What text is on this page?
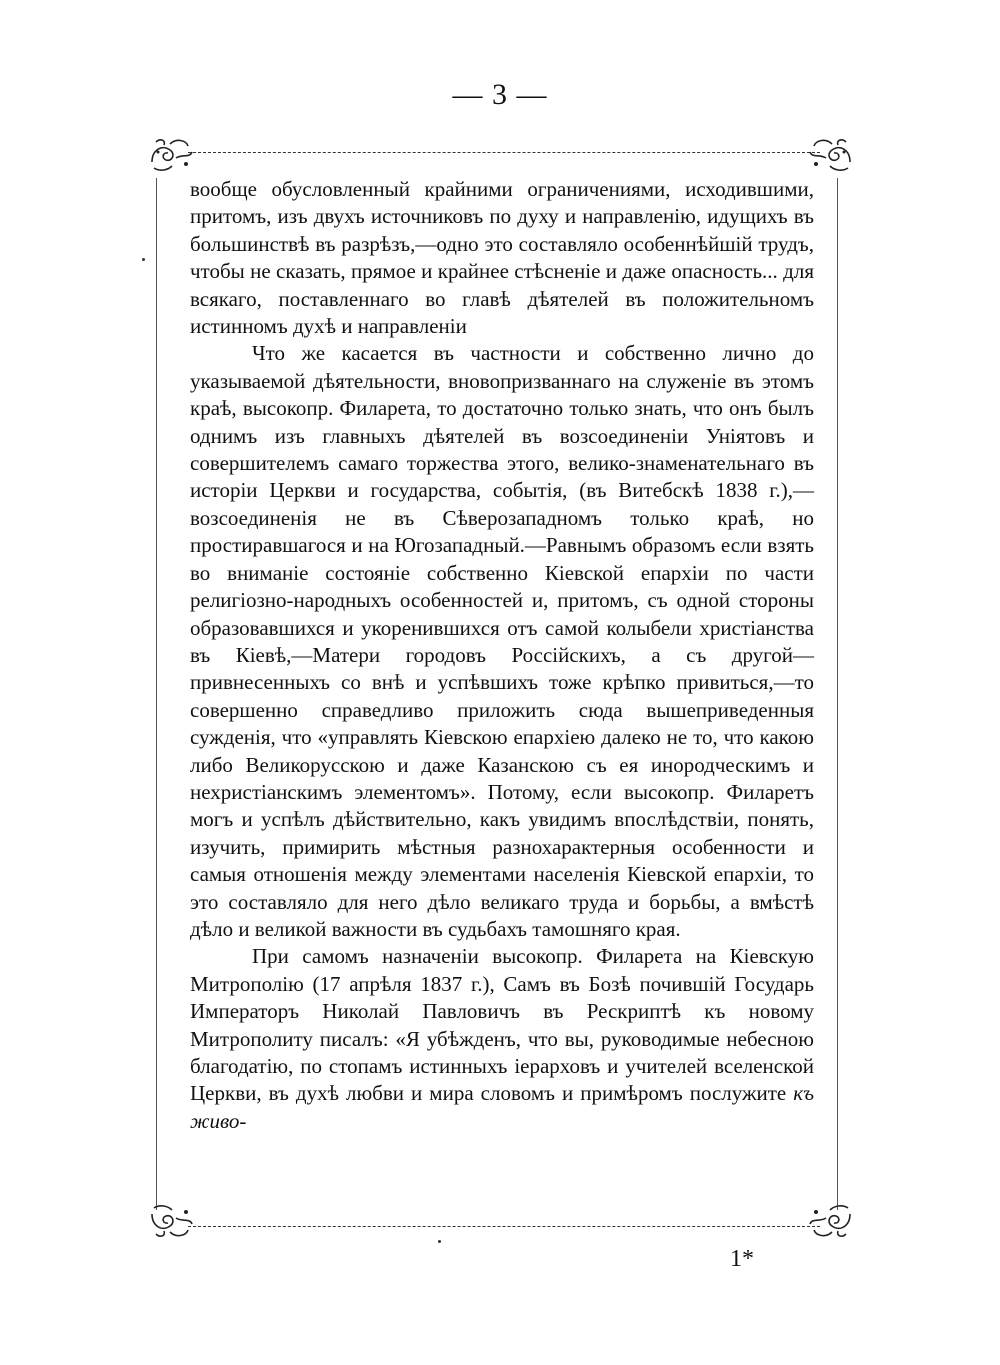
— 3 —

вообще обусловленный крайними ограничениями, исходившими, притомъ, изъ двухъ источниковъ по духу и направленію, идущихъ въ большинствѣ въ разрѣзъ,—одно это составляло особеннѣйшій трудъ, чтобы не сказать, прямое и крайнее стѣсненіе и даже опасность... для всякаго, поставленнаго во главѣ дѣятелей въ положительномъ истинномъ духѣ и направленіи

Что же касается въ частности и собственно лично до указываемой дѣятельности, вновопризваннаго на служеніе въ этомъ краѣ, высокопр. Филарета, то достаточно только знать, что онъ былъ однимъ изъ главныхъ дѣятелей въ возсоединеніи Уніятовъ и совершителемъ самаго торжества этого, велико-знаменательнаго въ исторіи Церкви и государства, событія, (въ Витебскѣ 1838 г.),—возсоединенія не въ Сѣверозападномъ только краѣ, но простиравшагося и на Югозападный.—Равнымъ образомъ если взять во вниманіе состояніе собственно Кіевской епархіи по части религіозно-народныхъ особенностей и, притомъ, съ одной стороны образовавшихся и укоренившихся отъ самой колыбели христіанства въ Кіевѣ,—Матери городовъ Россійскихъ, а съ другой—привнесенныхъ со внѣ и успѣвшихъ тоже крѣпко привиться,—то совершенно справедливо приложить сюда вышеприведенныя сужденія, что «управлять Кіевскою епархіею далеко не то, что какою либо Великорусскою и даже Казанскою съ ея инородческимъ и нехристіанскимъ элементомъ». Потому, если высокопр. Филаретъ могъ и успѣлъ дѣйствительно, какъ увидимъ впослѣдствіи, понять, изучить, примирить мѣстныя разнохарактерныя особенности и самыя отношенія между элементами населенія Кіевской епархіи, то это составляло для него дѣло великаго труда и борьбы, а вмѣстѣ дѣло и великой важности въ судьбахъ тамошняго края.

При самомъ назначеніи высокопр. Филарета на Кіевскую Митрополію (17 апрѣля 1837 г.), Самъ въ Бозѣ почившій Государь Императоръ Николай Павловичъ въ Рескриптѣ къ новому Митрополиту писалъ: «Я убѣжденъ, что вы, руководимые небесною благодатію, по стопамъ истинныхъ іерарховъ и учителей вселенской Церкви, въ духѣ любви и мира словомъ и примѣромъ послужите къ живо-

1*
